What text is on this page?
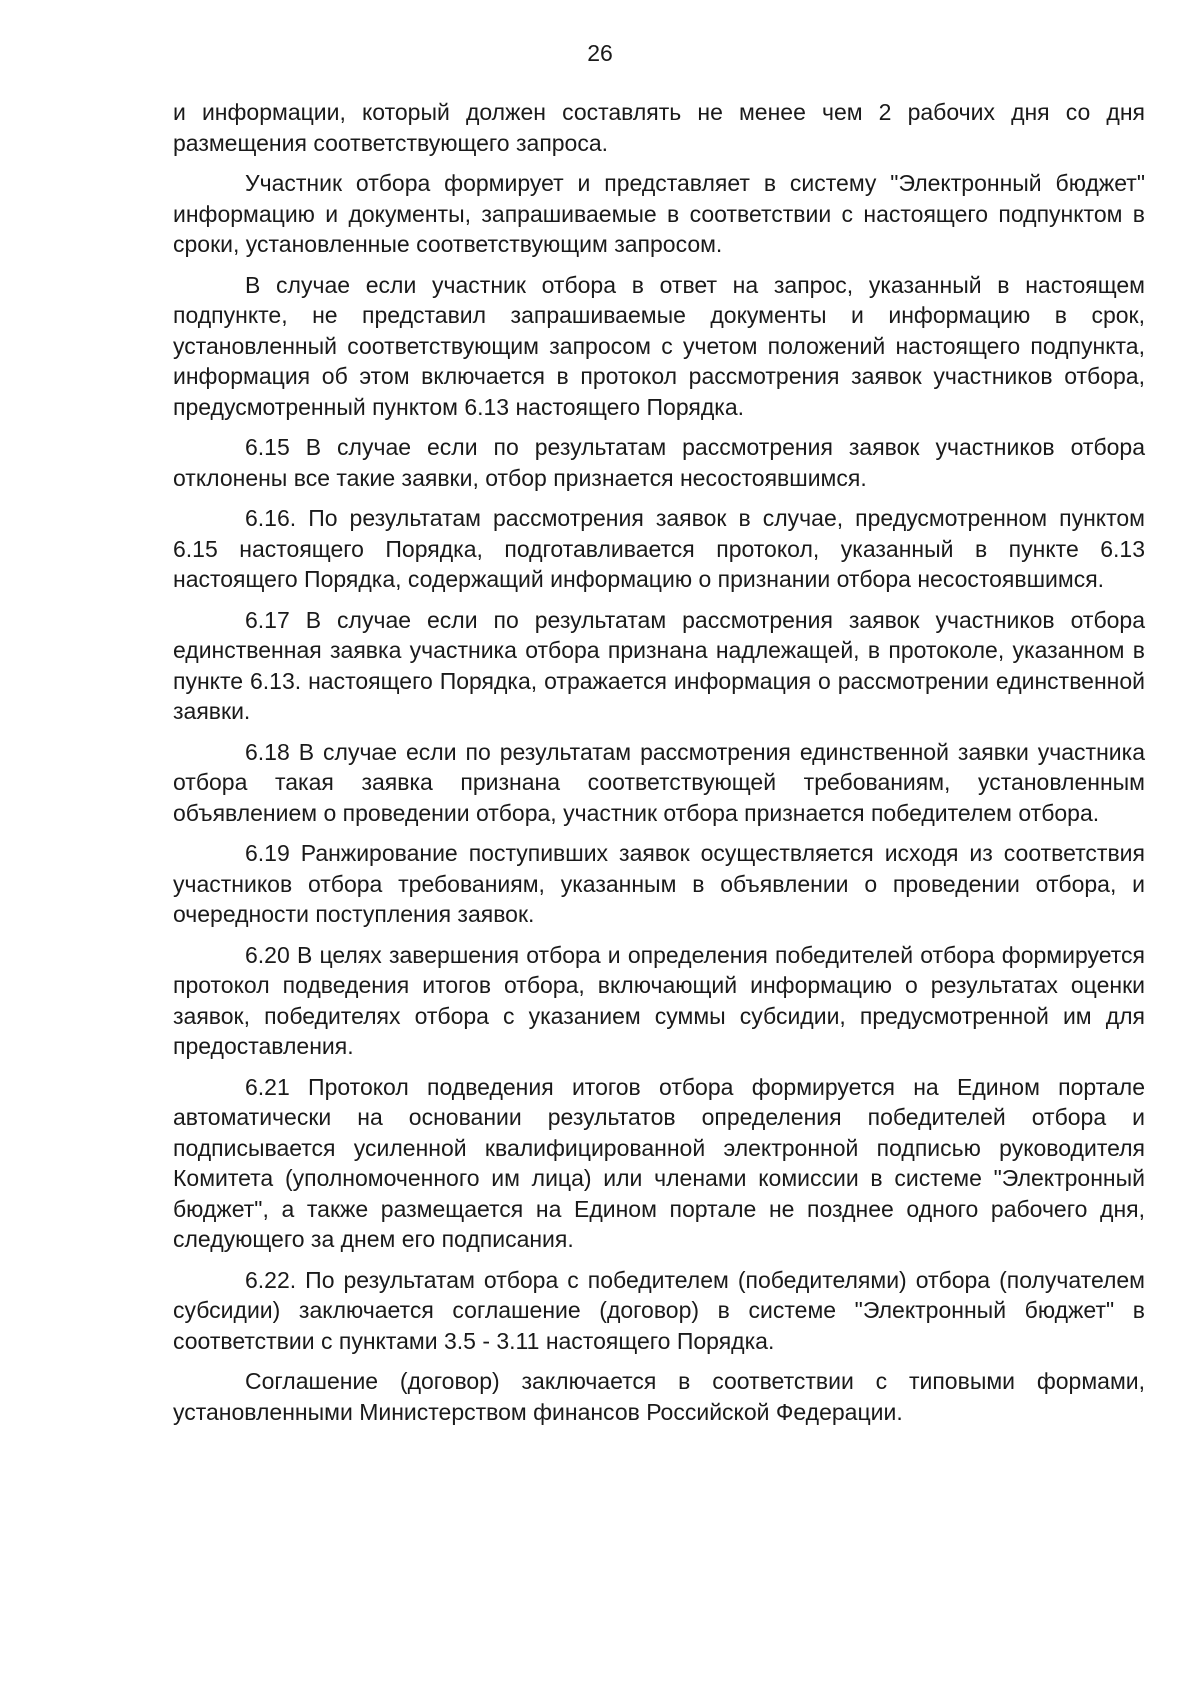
26

и информации, который должен составлять не менее чем 2 рабочих дня со дня размещения соответствующего запроса.

Участник отбора формирует и представляет в систему "Электронный бюджет" информацию и документы, запрашиваемые в соответствии с настоящего подпунктом в сроки, установленные соответствующим запросом.

В случае если участник отбора в ответ на запрос, указанный в настоящем подпункте, не представил запрашиваемые документы и информацию в срок, установленный соответствующим запросом с учетом положений настоящего подпункта, информация об этом включается в протокол рассмотрения заявок участников отбора, предусмотренный пунктом 6.13 настоящего Порядка.

6.15 В случае если по результатам рассмотрения заявок участников отбора отклонены все такие заявки, отбор признается несостоявшимся.

6.16. По результатам рассмотрения заявок в случае, предусмотренном пунктом 6.15 настоящего Порядка, подготавливается протокол, указанный в пункте 6.13 настоящего Порядка, содержащий информацию о признании отбора несостоявшимся.

6.17 В случае если по результатам рассмотрения заявок участников отбора единственная заявка участника отбора признана надлежащей, в протоколе, указанном в пункте 6.13. настоящего Порядка, отражается информация о рассмотрении единственной заявки.

6.18 В случае если по результатам рассмотрения единственной заявки участника отбора такая заявка признана соответствующей требованиям, установленным объявлением о проведении отбора, участник отбора признается победителем отбора.

6.19 Ранжирование поступивших заявок осуществляется исходя из соответствия участников отбора требованиям, указанным в объявлении о проведении отбора, и очередности поступления заявок.

6.20 В целях завершения отбора и определения победителей отбора формируется протокол подведения итогов отбора, включающий информацию о результатах оценки заявок, победителях отбора с указанием суммы субсидии, предусмотренной им для предоставления.

6.21 Протокол подведения итогов отбора формируется на Едином портале автоматически на основании результатов определения победителей отбора и подписывается усиленной квалифицированной электронной подписью руководителя Комитета (уполномоченного им лица) или членами комиссии в системе "Электронный бюджет", а также размещается на Едином портале не позднее одного рабочего дня, следующего за днем его подписания.

6.22. По результатам отбора с победителем (победителями) отбора (получателем субсидии) заключается соглашение (договор) в системе "Электронный бюджет" в соответствии с пунктами 3.5 - 3.11 настоящего Порядка.

Соглашение (договор) заключается в соответствии с типовыми формами, установленными Министерством финансов Российской Федерации.
